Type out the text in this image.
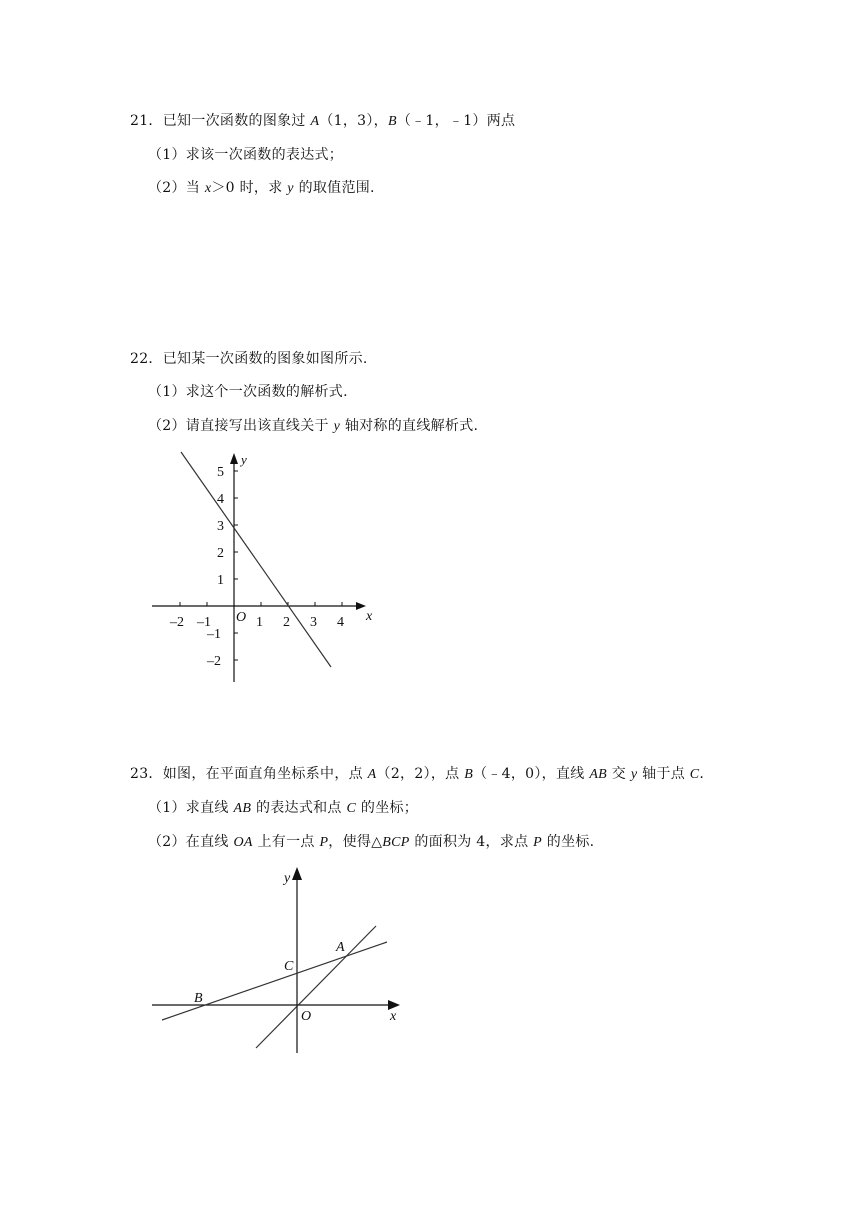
21．已知一次函数的图象过 A（1，3），B（﹣1，﹣1）两点
（1）求该一次函数的表达式；
（2）当 x＞0 时，求 y 的取值范围.
22．已知某一次函数的图象如图所示.
（1）求这个一次函数的解析式.
（2）请直接写出该直线关于 y 轴对称的直线解析式.
y
x
O
–2 –1	1 2 3 4
5
4
3
2
1
–1
–2
23．如图，在平面直角坐标系中，点 A（2，2），点 B（﹣4，0），直线 AB 交 y 轴于点 C.
（1）求直线 AB 的表达式和点 C 的坐标；
（2）在直线 OA 上有一点 P，使得△BCP 的面积为 4，求点 P 的坐标.
y
x
O
A
B
C
